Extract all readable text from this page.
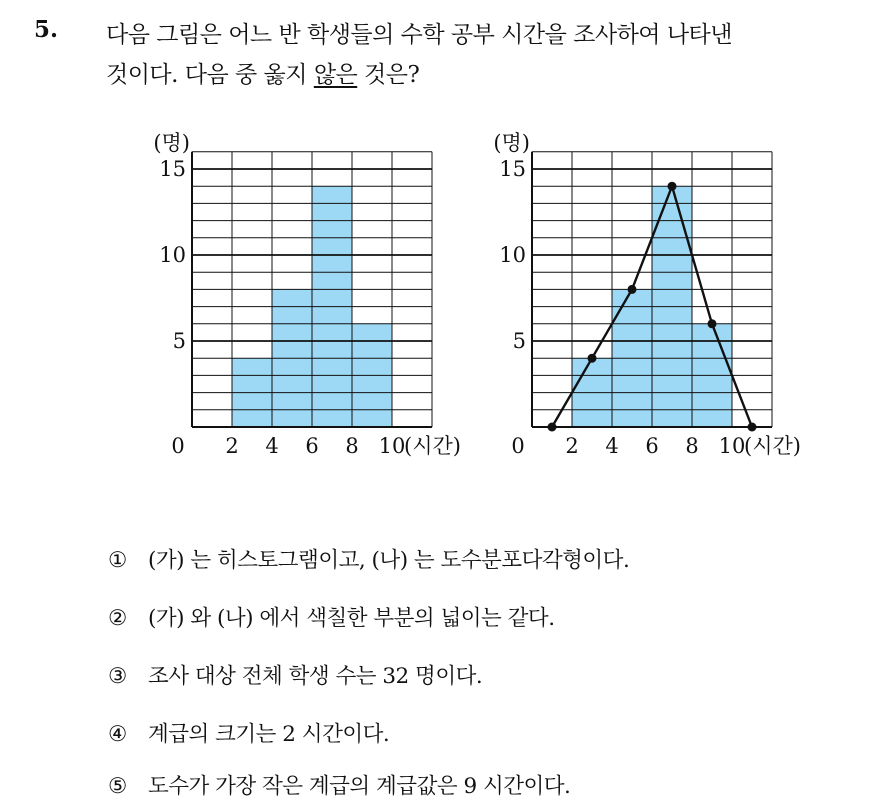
5. 다음 그림은 어느 반 학생들의 수학 공부 시간을 조사하여 나타낸
것이다. 다음 중 옳지 않은 것은?
0 2 4 6 8 10
5
10
15
(명)
(시간) 0 2 4 6 8 10
5
10
15
(명)
(시간)
① (가) 는 히스토그램이고, (나) 는 도수분포다각형이다.
② (가) 와 (나) 에서 색칠한 부분의 넓이는 같다.
③ 조사 대상 전체 학생 수는 32 명이다.
④ 계급의 크기는 2 시간이다.
⑤ 도수가 가장 작은 계급의 계급값은 9 시간이다.
